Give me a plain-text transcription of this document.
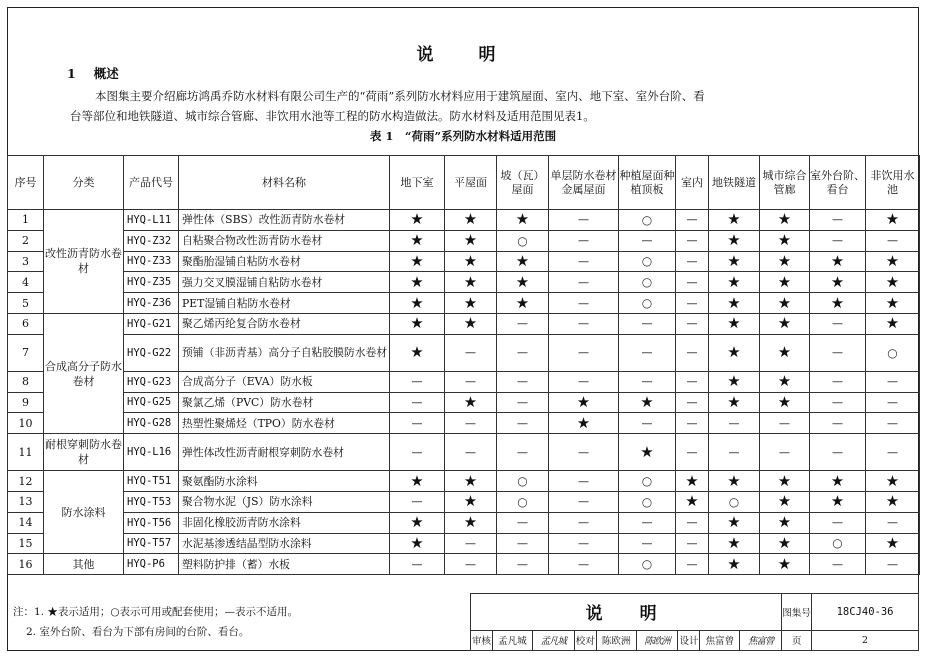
说　明
1 概述
本图集主要介绍廊坊鸿禹乔防水材料有限公司生产的“荷雨”系列防水材料应用于建筑屋面、室内、地下室、室外台阶、看
台等部位和地铁隧道、城市综合管廊、非饮用水池等工程的防水构造做法。防水材料及适用范围见表1。
表 1　“荷雨”系列防水材料适用范围
序号	分类	产品代号	材料名称	地下室	平屋面	坡（瓦）屋面	单层防水卷材金属屋面	种植屋面种植顶板	室内	地铁隧道	城市综合管廊	室外台阶、看台	非饮用水池
1	改性沥青防水卷材	HYQ-L11	弹性体（SBS）改性沥青防水卷材	★	★	★	—	○	—	★	★	—	★
2		HYQ-Z32	自粘聚合物改性沥青防水卷材	★	★	○	—	—	—	★	★	—	—
3		HYQ-Z33	聚酯胎湿铺自粘防水卷材	★	★	★	—	○	—	★	★	★	★
4		HYQ-Z35	强力交叉膜湿铺自粘防水卷材	★	★	★	—	○	—	★	★	★	★
5		HYQ-Z36	PET湿铺自粘防水卷材	★	★	★	—	○	—	★	★	★	★
6	合成高分子防水卷材	HYQ-G21	聚乙烯丙纶复合防水卷材	★	★	—	—	—	—	★	★	—	★
7		HYQ-G22	预铺（非沥青基）高分子自粘胶膜防水卷材	★	—	—	—	—	—	★	★	—	○
8		HYQ-G23	合成高分子（EVA）防水板	—	—	—	—	—	—	★	★	—	—
9		HYQ-G25	聚氯乙烯（PVC）防水卷材	—	★	—	★	★	—	★	★	—	—
10		HYQ-G28	热塑性聚烯烃（TPO）防水卷材	—	—	—	★	—	—	—	—	—	—
11	耐根穿刺防水卷材	HYQ-L16	弹性体改性沥青耐根穿刺防水卷材	—	—	—	—	★	—	—	—	—	—
12	防水涂料	HYQ-T51	聚氨酯防水涂料	★	★	○	—	○	★	★	★	★	★
13		HYQ-T53	聚合物水泥（JS）防水涂料	—	★	○	—	○	★	○	★	★	★
14		HYQ-T56	非固化橡胶沥青防水涂料	★	★	—	—	—	—	★	★	—	—
15		HYQ-T57	水泥基渗透结晶型防水涂料	★	—	—	—	—	—	★	★	○	★
16	其他	HYQ-P6	塑料防护排（蓄）水板	—	—	—	—	○	—	★	★	—	—
注：1. ★表示适用；○表示可用或配套使用；—表示不适用。
2. 室外台阶、看台为下部有房间的台阶、看台。
说　明									图集号	18CJ40-36
审核	孟凡城	孟凡城	校对	陈欧洲	陈欧洲	设计	焦富曾	焦富曾	页	2
